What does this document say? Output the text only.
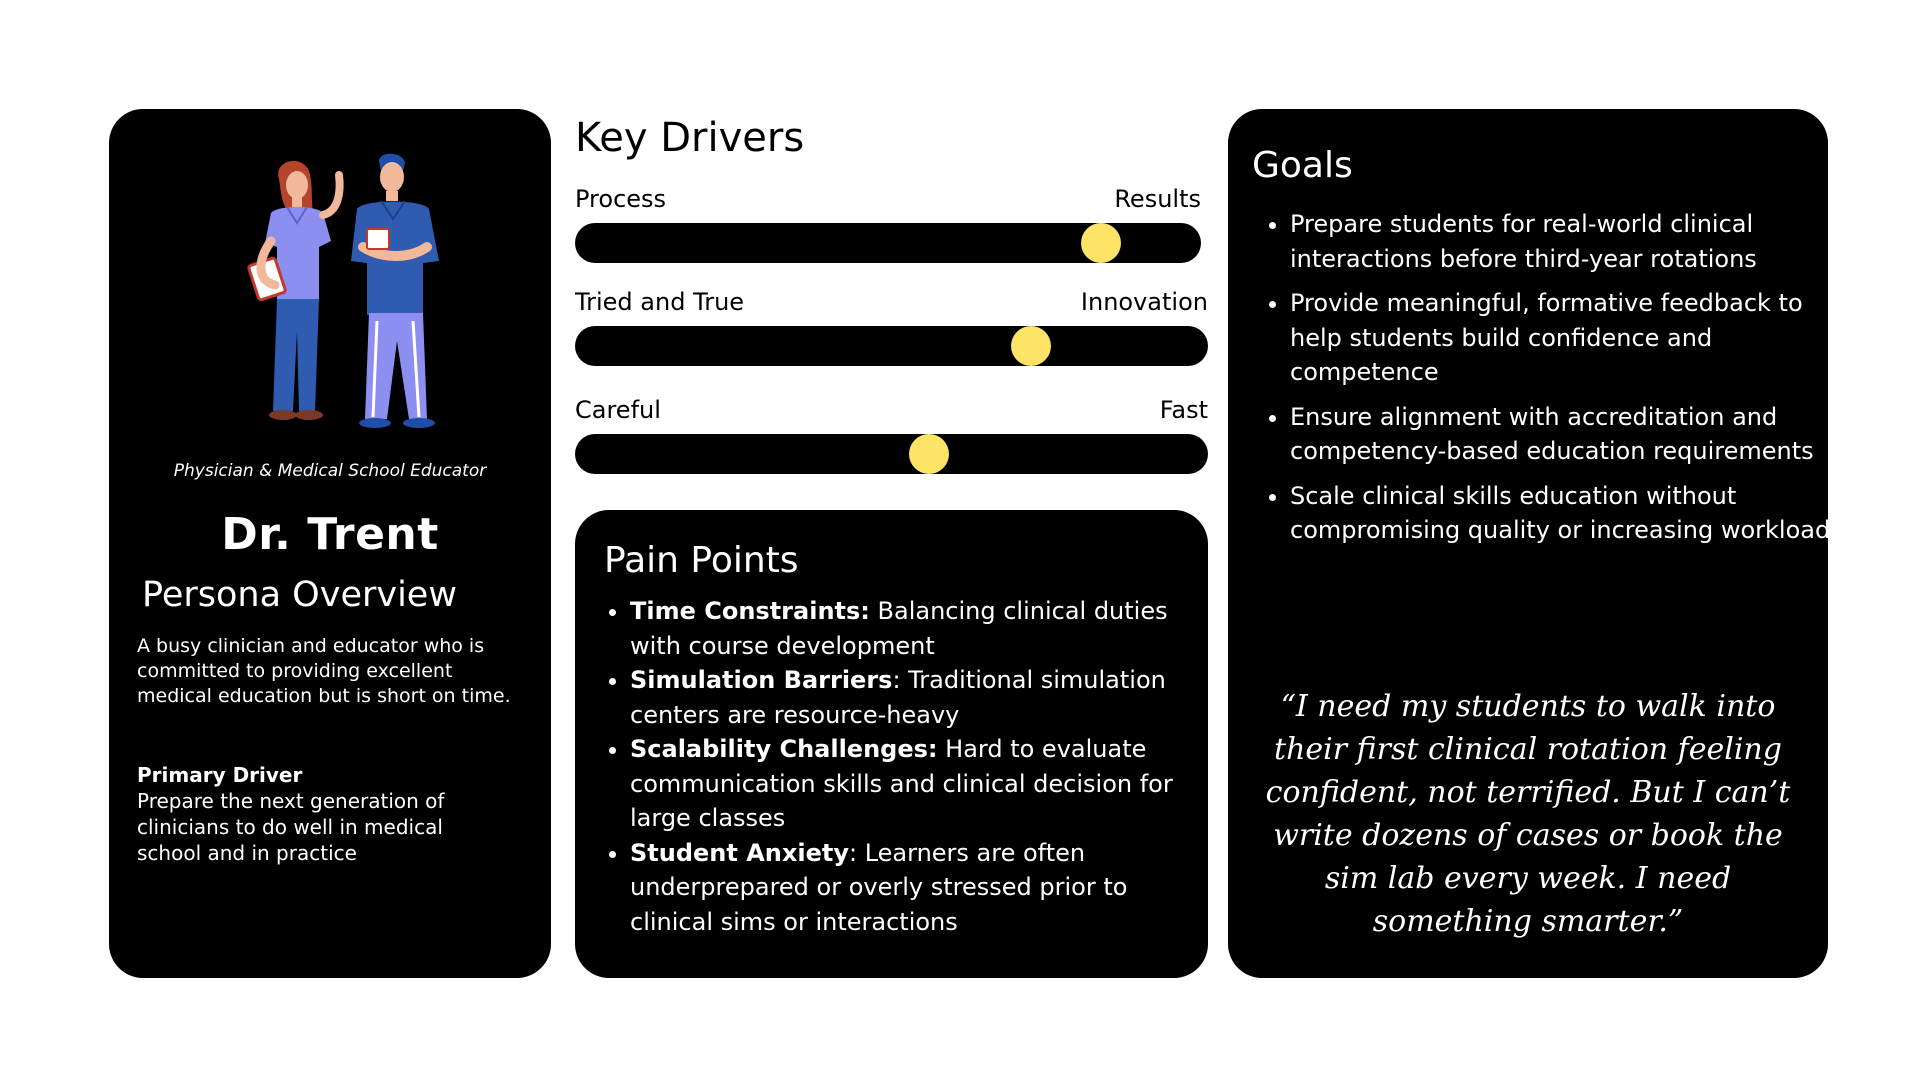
Physician & Medical School Educator
Dr. Trent
Persona Overview
A busy clinician and educator who is committed to providing excellent medical education but is short on time.
Primary Driver
Prepare the next generation of clinicians to do well in medical school and in practice
Key Drivers
Process	Results
Tried and True	Innovation
Careful	Fast
Pain Points
• Time Constraints: Balancing clinical duties with course development
• Simulation Barriers: Traditional simulation centers are resource-heavy
• Scalability Challenges: Hard to evaluate communication skills and clinical decision for large classes
• Student Anxiety: Learners are often underprepared or overly stressed prior to clinical sims or interactions
Goals
• Prepare students for real-world clinical interactions before third-year rotations
• Provide meaningful, formative feedback to help students build confidence and competence
• Ensure alignment with accreditation and competency-based education requirements
• Scale clinical skills education without compromising quality or increasing workload
“I need my students to walk into their first clinical rotation feeling confident, not terrified. But I can’t write dozens of cases or book the sim lab every week. I need something smarter.”
